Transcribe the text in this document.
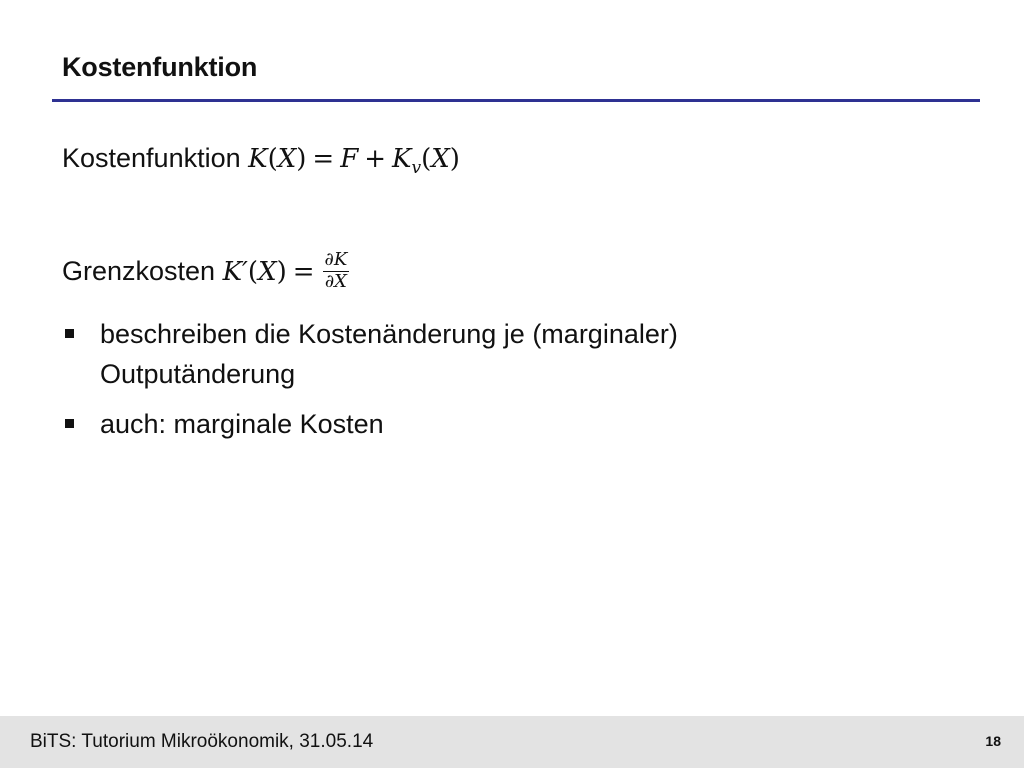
Kostenfunktion
Kostenfunktion $K(X) = F + K_v(X)$
Grenzkosten $K'(X) = \frac{\partial K}{\partial X}$
beschreiben die Kostenänderung je (marginaler) Outputänderung
auch: marginale Kosten
BiTS: Tutorium Mikroökonomik, 31.05.14	18
